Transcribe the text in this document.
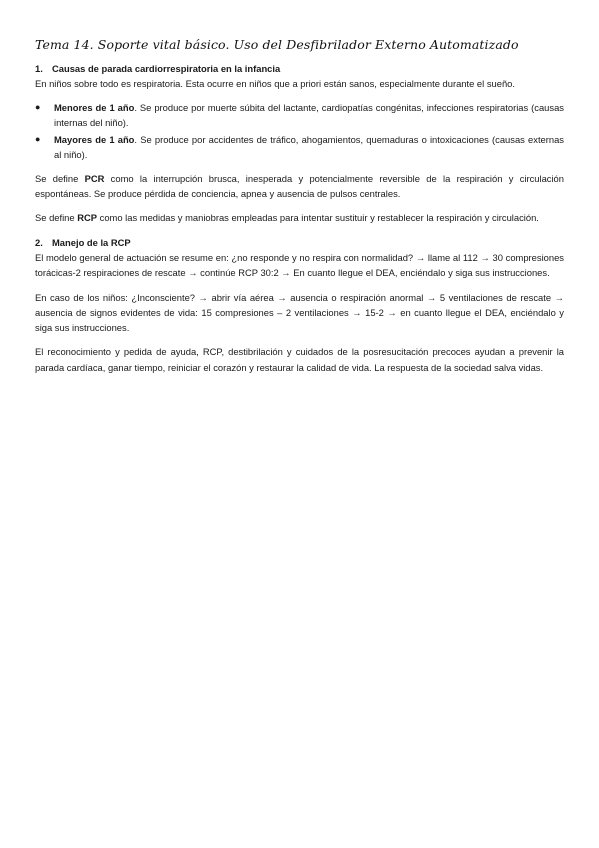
Tema 14. Soporte vital básico. Uso del Desfibrilador Externo Automatizado
1. Causas de parada cardiorrespiratoria en la infancia

En niños sobre todo es respiratoria. Esta ocurre en niños que a priori están sanos, especialmente durante el sueño.

●	Menores de 1 año. Se produce por muerte súbita del lactante, cardiopatías congénitas, infecciones respiratorias (causas internas del niño).
●	Mayores de 1 año. Se produce por accidentes de tráfico, ahogamientos, quemaduras o intoxicaciones (causas externas al niño).

Se define PCR como la interrupción brusca, inesperada y potencialmente reversible de la respiración y circulación espontáneas. Se produce pérdida de conciencia, apnea y ausencia de pulsos centrales.

Se define RCP como las medidas y maniobras empleadas para intentar sustituir y restablecer la respiración y circulación.

2. Manejo de la RCP

El modelo general de actuación se resume en: ¿no responde y no respira con normalidad? → llame al 112 → 30 compresiones torácicas-2 respiraciones de rescate → continúe RCP 30:2 → En cuanto llegue el DEA, enciéndalo y siga sus instrucciones.

En caso de los niños: ¿Inconsciente? → abrir vía aérea → ausencia o respiración anormal → 5 ventilaciones de rescate → ausencia de signos evidentes de vida: 15 compresiones – 2 ventilaciones → 15-2 → en cuanto llegue el DEA, enciéndalo y siga sus instrucciones.

El reconocimiento y pedida de ayuda, RCP, destibrilación y cuidados de la posresucitación precoces ayudan a prevenir la parada cardíaca, ganar tiempo, reiniciar el corazón y restaurar la calidad de vida. La respuesta de la sociedad salva vidas.
